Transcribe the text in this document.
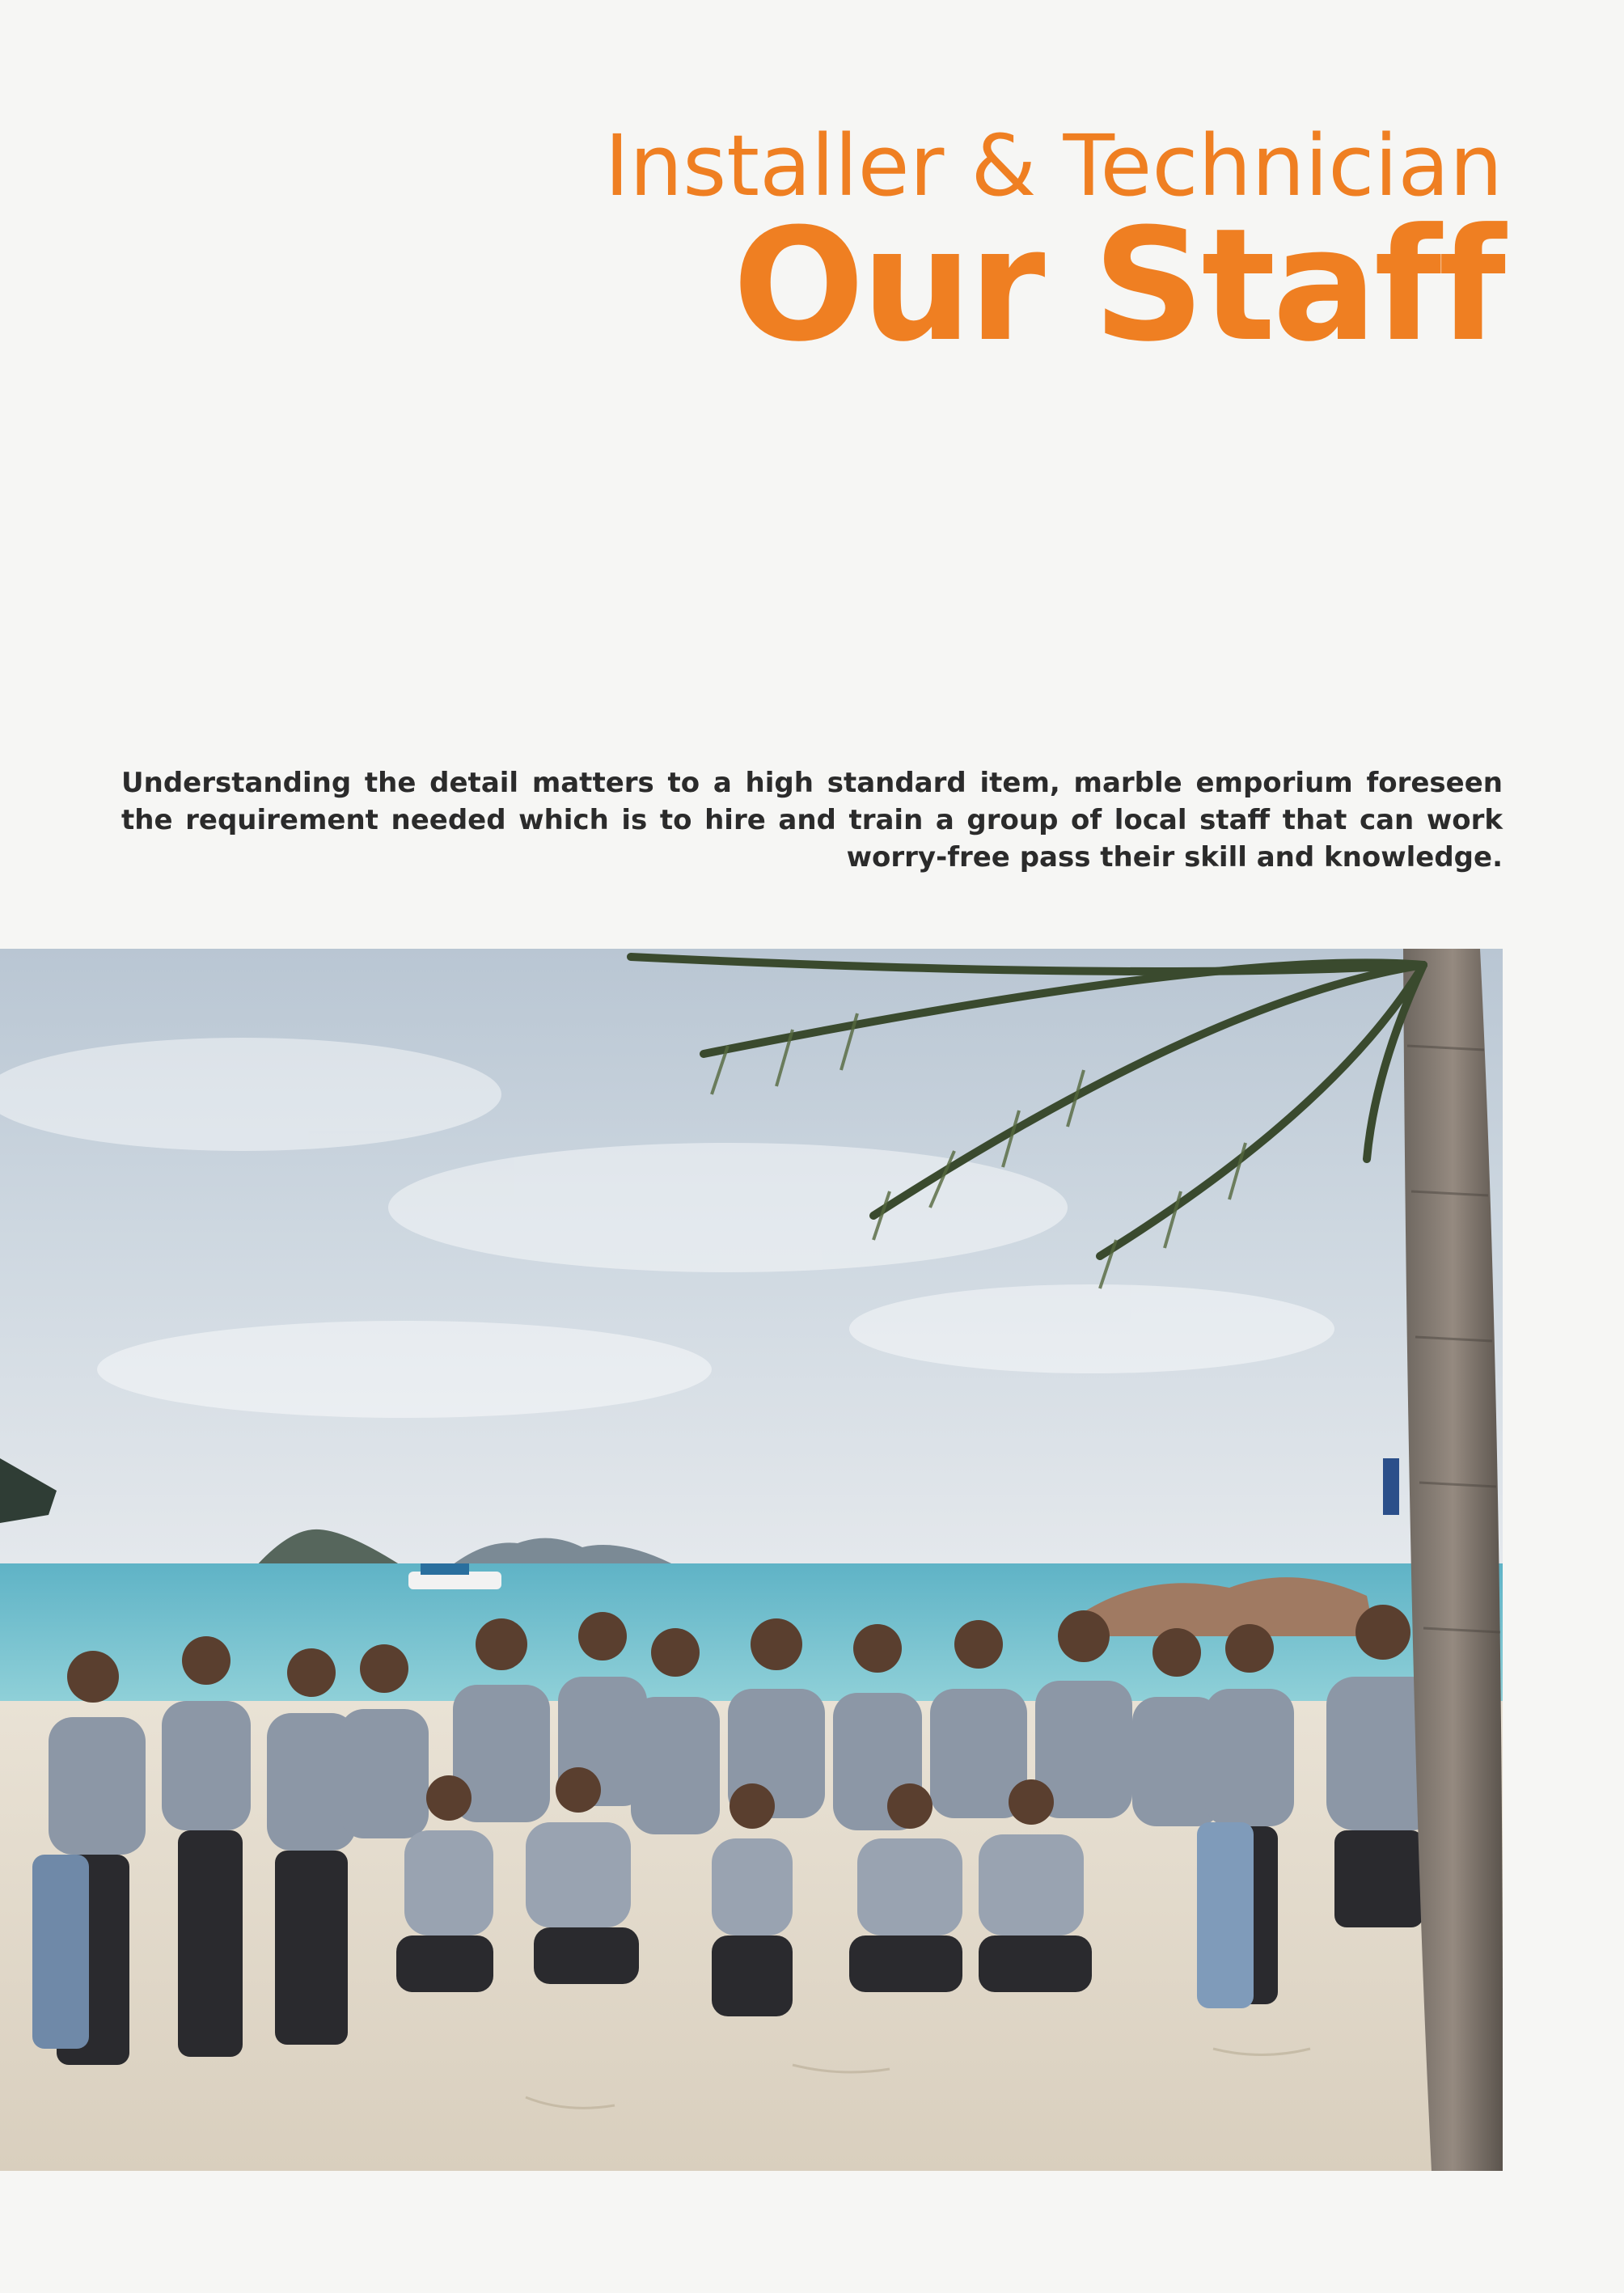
Installer & Technician
Our Staff

Understanding the detail matters to a high standard item, marble emporium foreseen the requirement needed which is to hire and train a group of local staff that can work worry-free pass their skill and knowledge.
